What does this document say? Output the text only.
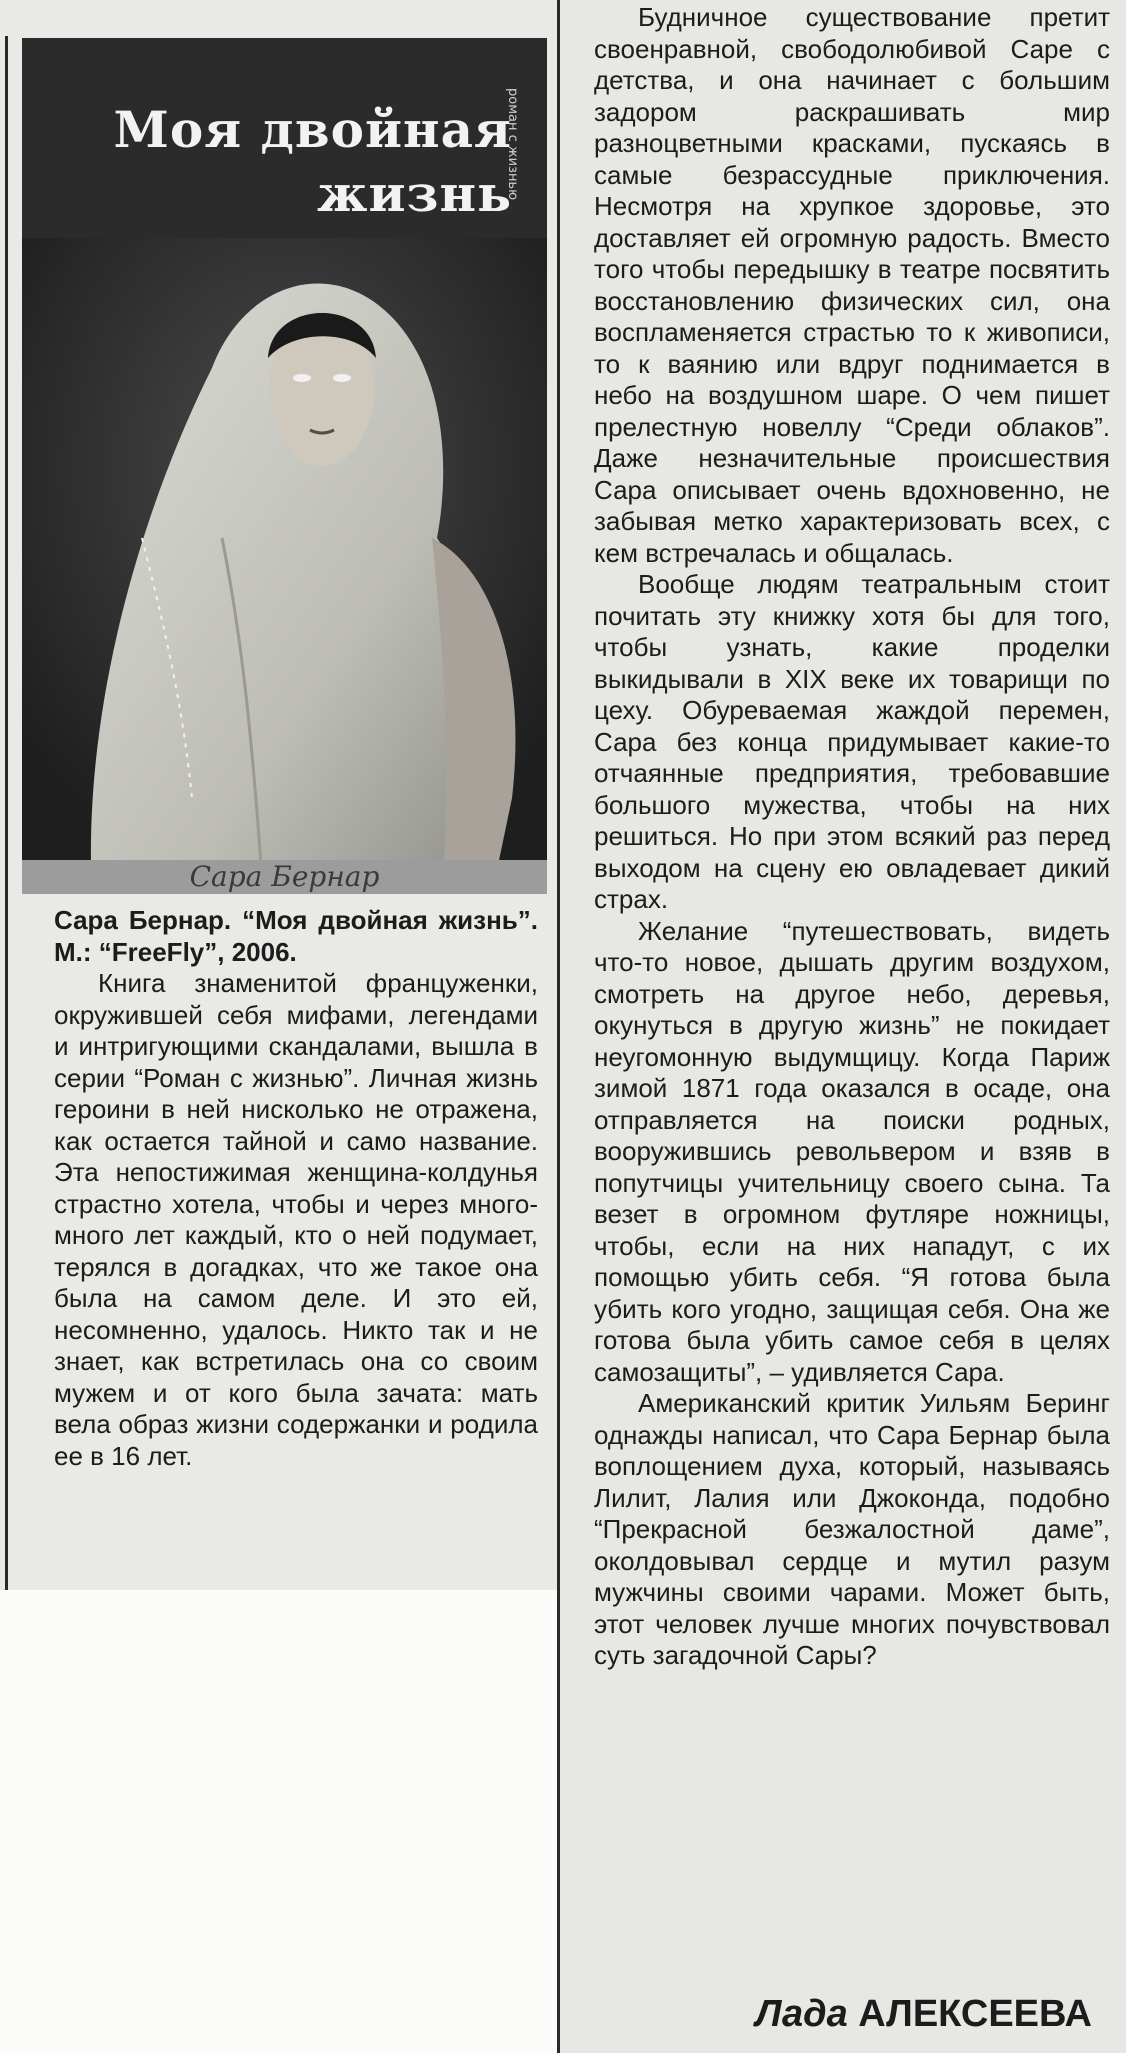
Моя двойная
жизнь
роман с жизнью
Сара Бернар

Сара Бернар. “Моя двойная жизнь”. М.: “FreeFly”, 2006.

Книга знаменитой француженки, окружившей себя мифами, легендами и интригующими скандалами, вышла в серии “Роман с жизнью”. Личная жизнь героини в ней нисколько не отражена, как остается тайной и само название. Эта непостижимая женщина-колдунья страстно хотела, чтобы и через много-много лет каждый, кто о ней подумает, терялся в догадках, что же такое она была на самом деле. И это ей, несомненно, удалось. Никто так и не знает, как встретилась она со своим мужем и от кого была зачата: мать вела образ жизни содержанки и родила ее в 16 лет.

Будничное существование претит своенравной, свободолюбивой Саре с детства, и она начинает с большим задором раскрашивать мир разноцветными красками, пускаясь в самые безрассудные приключения. Несмотря на хрупкое здоровье, это доставляет ей огромную радость. Вместо того чтобы передышку в театре посвятить восстановлению физических сил, она воспламеняется страстью то к живописи, то к ваянию или вдруг поднимается в небо на воздушном шаре. О чем пишет прелестную новеллу “Среди облаков”. Даже незначительные происшествия Сара описывает очень вдохновенно, не забывая метко характеризовать всех, с кем встречалась и общалась.

Вообще людям театральным стоит почитать эту книжку хотя бы для того, чтобы узнать, какие проделки выкидывали в XIX веке их товарищи по цеху. Обуреваемая жаждой перемен, Сара без конца придумывает какие-то отчаянные предприятия, требовавшие большого мужества, чтобы на них решиться. Но при этом всякий раз перед выходом на сцену ею овладевает дикий страх.

Желание “путешествовать, видеть что-то новое, дышать другим воздухом, смотреть на другое небо, деревья, окунуться в другую жизнь” не покидает неугомонную выдумщицу. Когда Париж зимой 1871 года оказался в осаде, она отправляется на поиски родных, вооружившись револьвером и взяв в попутчицы учительницу своего сына. Та везет в огромном футляре ножницы, чтобы, если на них нападут, с их помощью убить себя. “Я готова была убить кого угодно, защищая себя. Она же готова была убить самое себя в целях самозащиты”, – удивляется Сара.

Американский критик Уильям Беринг однажды написал, что Сара Бернар была воплощением духа, который, называясь Лилит, Лалия или Джоконда, подобно “Прекрасной безжалостной даме”, околдовывал сердце и мутил разум мужчины своими чарами. Может быть, этот человек лучше многих почувствовал суть загадочной Сары?

Лада АЛЕКСЕЕВА
